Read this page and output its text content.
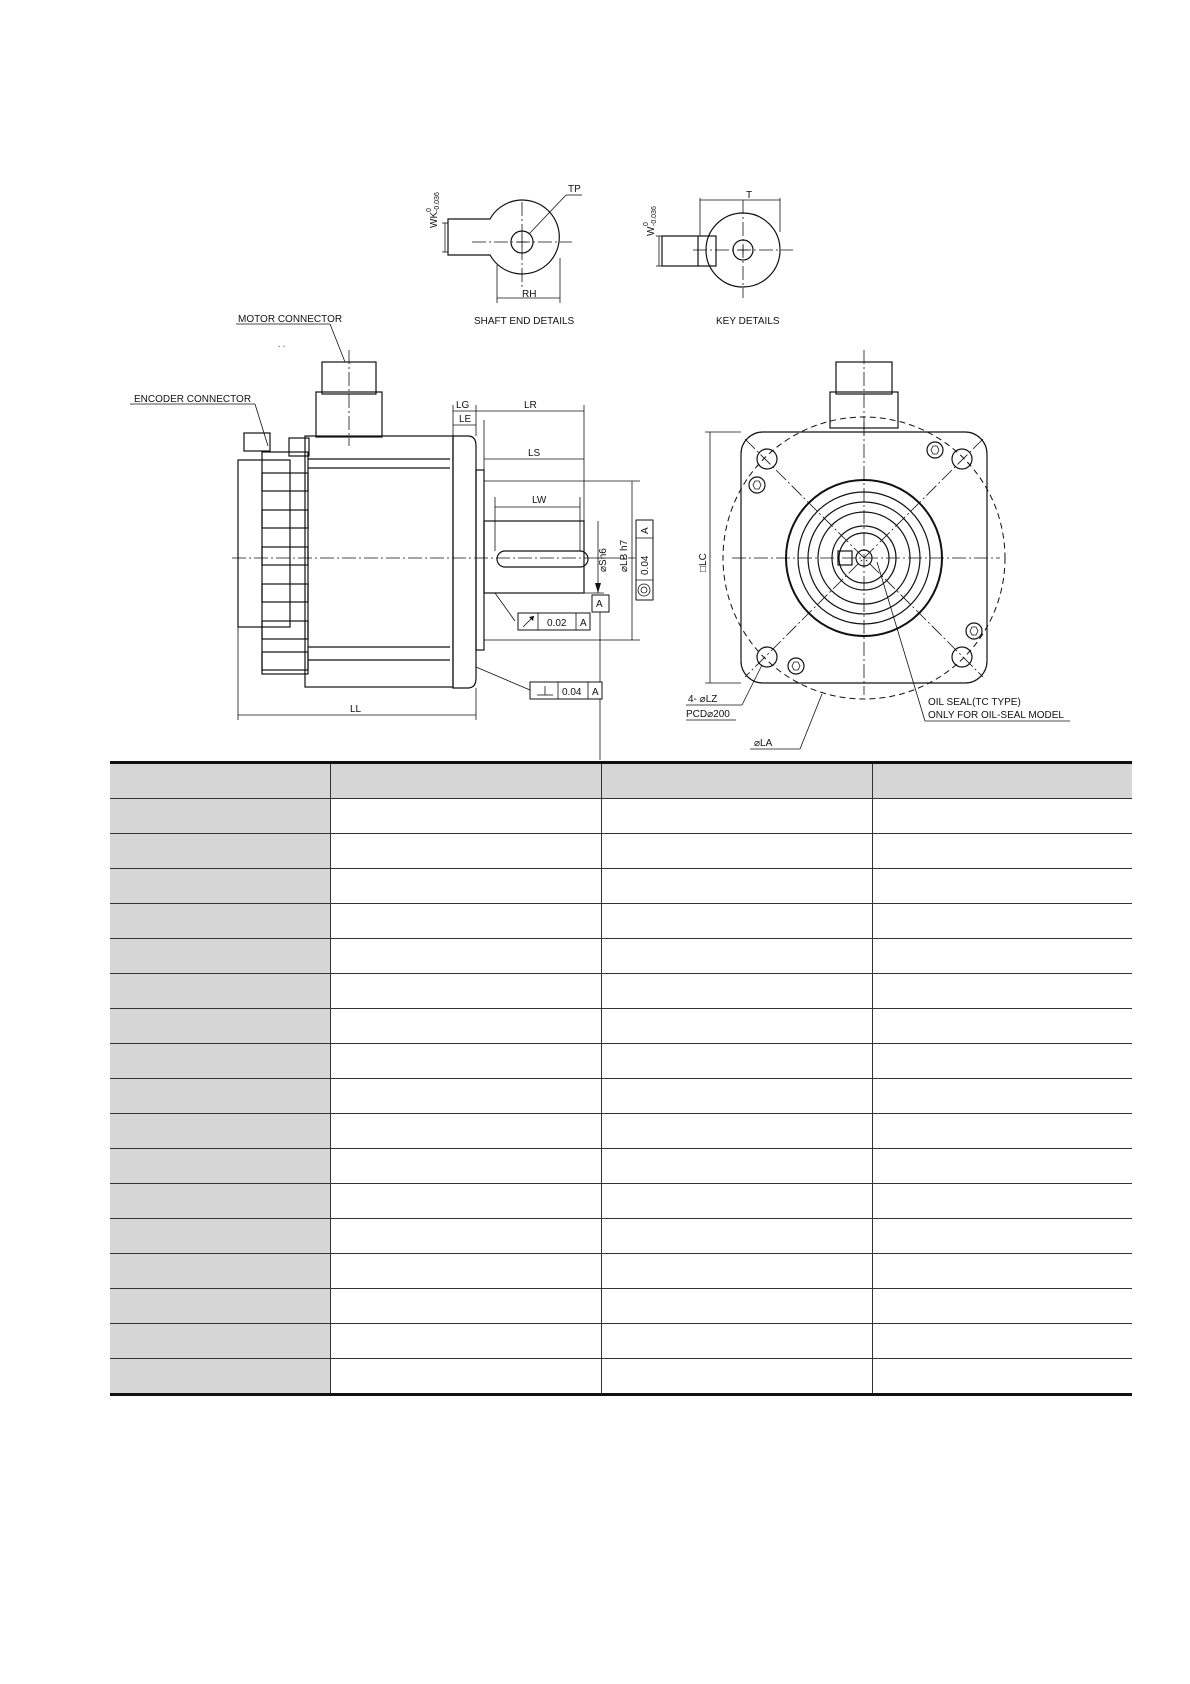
TP
WK
0 -0.036
RH
SHAFT END DETAILS
T
W
0 -0.036
KEY DETAILS
MOTOR CONNECTOR
` `
ENCODER CONNECTOR
LG
LE
LR
LS
LW
LL
⌀Sh6 ⌀LB h7
A
0.04
A
0.02 A
0.04 A
□LC
4- ⌀LZ
PCD⌀200
⌀LA
OIL SEAL(TC TYPE)
ONLY FOR OIL-SEAL MODEL
